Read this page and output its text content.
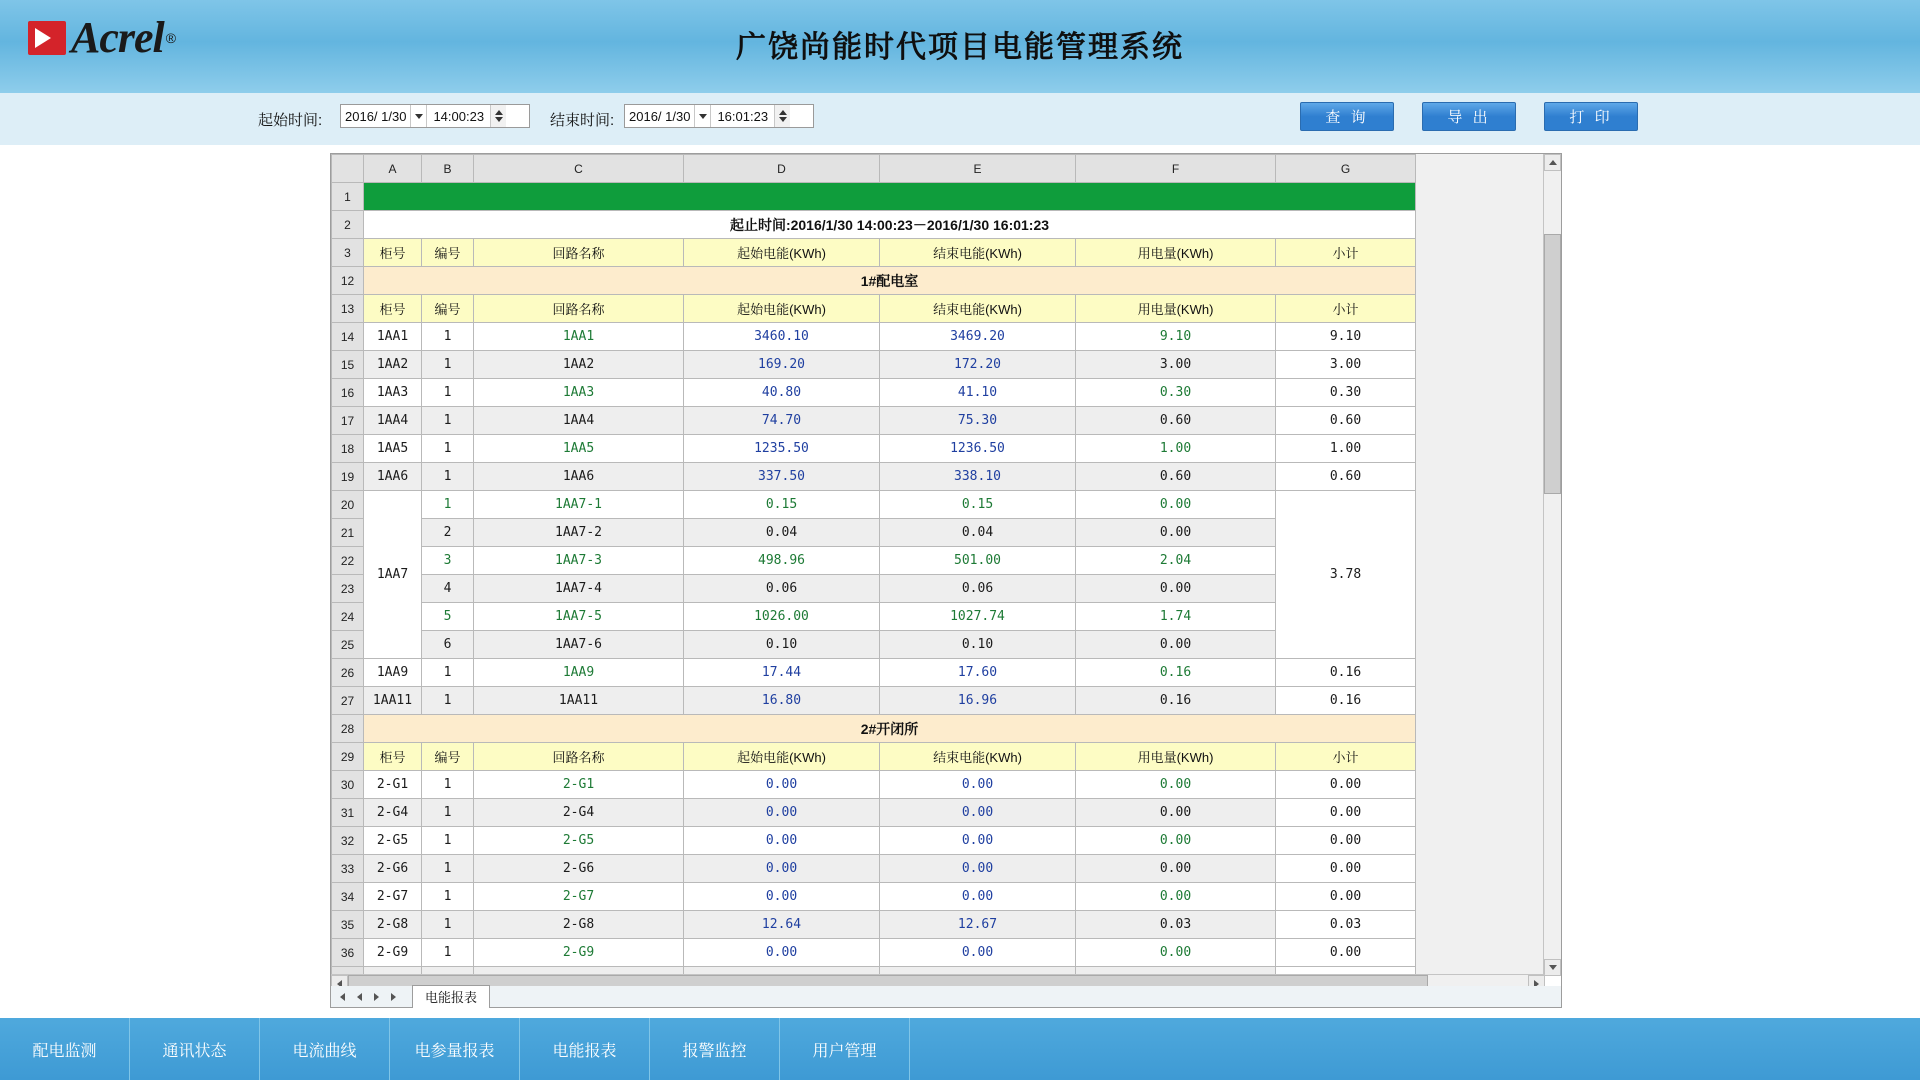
Acrel ®	广饶尚能时代项目电能管理系统
起始时间:	2016/ 1/30	14:00:23	结束时间:	2016/ 1/30	16:01:23	查 询	导 出	打 印
	A	B	C	D	E	F	G
1							
2	起止时间:2016/1/30 14:00:23－2016/1/30 16:01:23						
3	柜号	编号	回路名称	起始电能(KWh)	结束电能(KWh)	用电量(KWh)	小计
12	1#配电室						
13	柜号	编号	回路名称	起始电能(KWh)	结束电能(KWh)	用电量(KWh)	小计
14	1AA1	1	1AA1	3460.10	3469.20	9.10	9.10
15	1AA2	1	1AA2	169.20	172.20	3.00	3.00
16	1AA3	1	1AA3	40.80	41.10	0.30	0.30
17	1AA4	1	1AA4	74.70	75.30	0.60	0.60
18	1AA5	1	1AA5	1235.50	1236.50	1.00	1.00
19	1AA6	1	1AA6	337.50	338.10	0.60	0.60
20	1AA7	1	1AA7-1	0.15	0.15	0.00	3.78
21		2	1AA7-2	0.04	0.04	0.00	
22		3	1AA7-3	498.96	501.00	2.04	
23		4	1AA7-4	0.06	0.06	0.00	
24		5	1AA7-5	1026.00	1027.74	1.74	
25		6	1AA7-6	0.10	0.10	0.00	
26	1AA9	1	1AA9	17.44	17.60	0.16	0.16
27	1AA11	1	1AA11	16.80	16.96	0.16	0.16
28	2#开闭所						
29	柜号	编号	回路名称	起始电能(KWh)	结束电能(KWh)	用电量(KWh)	小计
30	2-G1	1	2-G1	0.00	0.00	0.00	0.00
31	2-G4	1	2-G4	0.00	0.00	0.00	0.00
32	2-G5	1	2-G5	0.00	0.00	0.00	0.00
33	2-G6	1	2-G6	0.00	0.00	0.00	0.00
34	2-G7	1	2-G7	0.00	0.00	0.00	0.00
35	2-G8	1	2-G8	12.64	12.67	0.03	0.03
36	2-G9	1	2-G9	0.00	0.00	0.00	0.00

电能报表
配电监测	通讯状态	电流曲线	电参量报表	电能报表	报警监控	用户管理
